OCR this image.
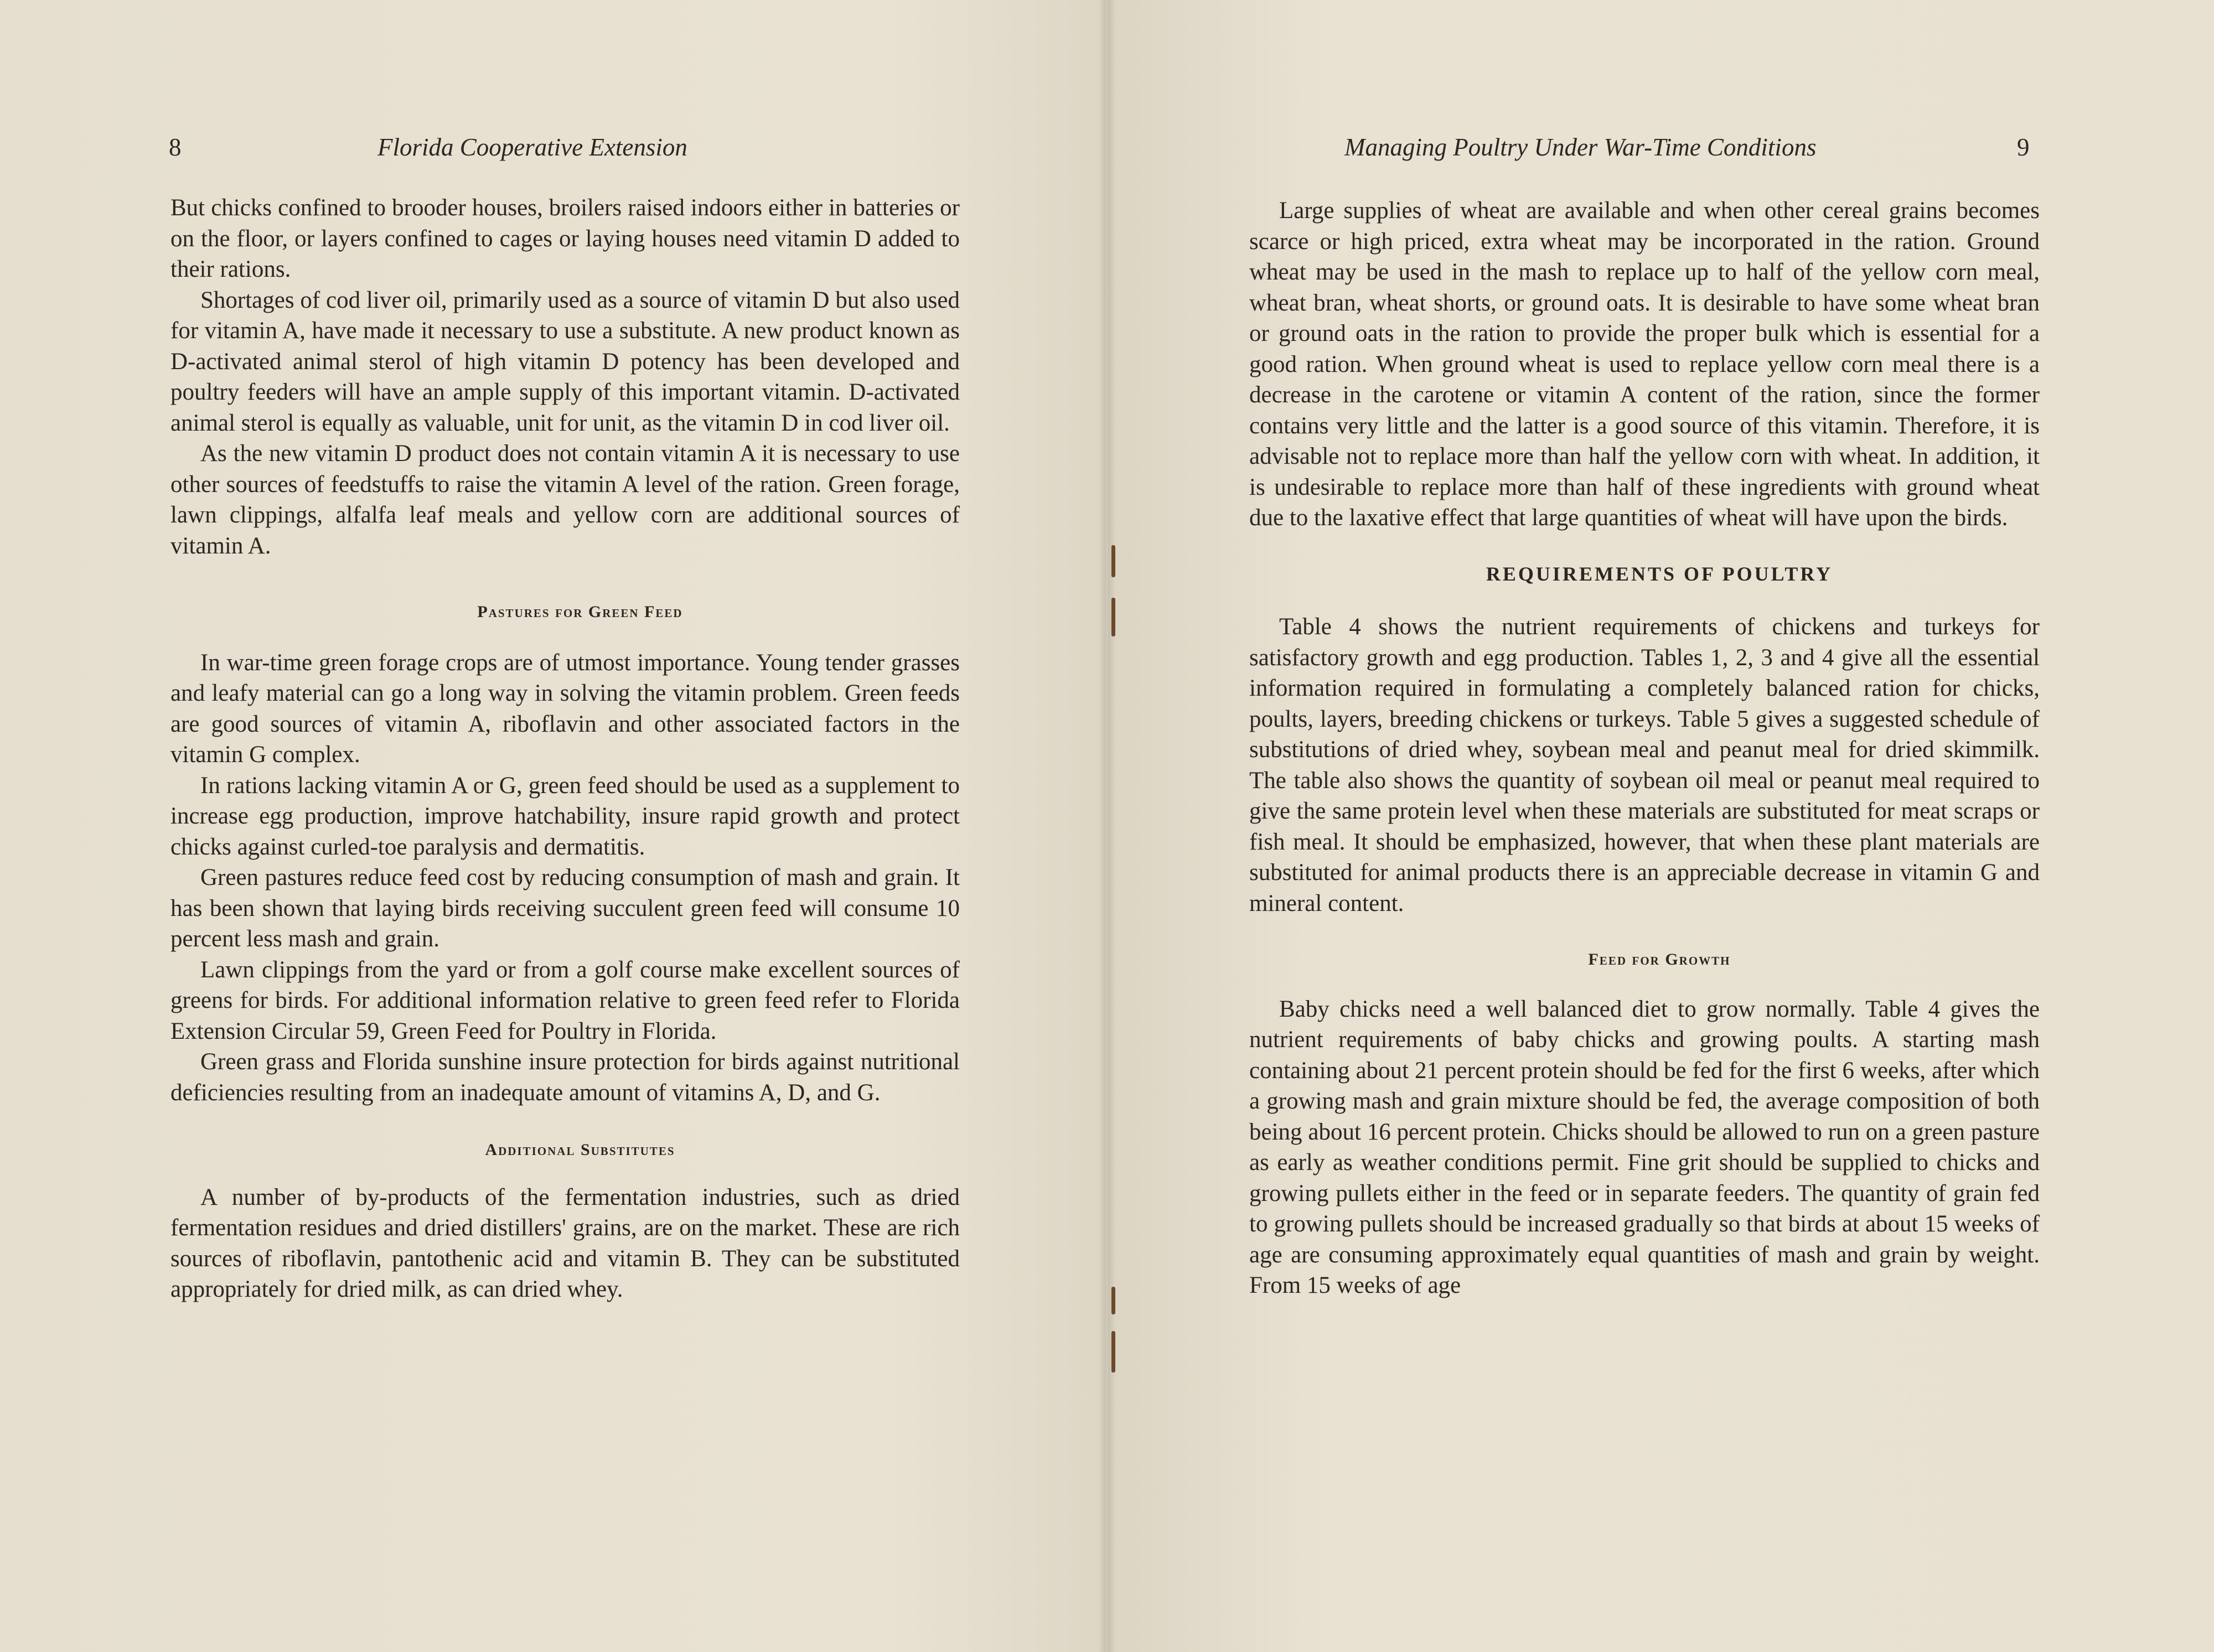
8	Florida Cooperative Extension

But chicks confined to brooder houses, broilers raised indoors either in batteries or on the floor, or layers confined to cages or laying houses need vitamin D added to their rations.

Shortages of cod liver oil, primarily used as a source of vitamin D but also used for vitamin A, have made it necessary to use a substitute. A new product known as D-activated animal sterol of high vitamin D potency has been developed and poultry feeders will have an ample supply of this important vitamin. D-activated animal sterol is equally as valuable, unit for unit, as the vitamin D in cod liver oil.

As the new vitamin D product does not contain vitamin A it is necessary to use other sources of feedstuffs to raise the vitamin A level of the ration. Green forage, lawn clippings, alfalfa leaf meals and yellow corn are additional sources of vitamin A.

Pastures for Green Feed

In war-time green forage crops are of utmost importance. Young tender grasses and leafy material can go a long way in solving the vitamin problem. Green feeds are good sources of vitamin A, riboflavin and other associated factors in the vitamin G complex.

In rations lacking vitamin A or G, green feed should be used as a supplement to increase egg production, improve hatchability, insure rapid growth and protect chicks against curled-toe paralysis and dermatitis.

Green pastures reduce feed cost by reducing consumption of mash and grain. It has been shown that laying birds receiving succulent green feed will consume 10 percent less mash and grain.

Lawn clippings from the yard or from a golf course make excellent sources of greens for birds. For additional information relative to green feed refer to Florida Extension Circular 59, Green Feed for Poultry in Florida.

Green grass and Florida sunshine insure protection for birds against nutritional deficiencies resulting from an inadequate amount of vitamins A, D, and G.

Additional Substitutes

A number of by-products of the fermentation industries, such as dried fermentation residues and dried distillers' grains, are on the market. These are rich sources of riboflavin, pantothenic acid and vitamin B. They can be substituted appropriately for dried milk, as can dried whey.

Managing Poultry Under War-Time Conditions	9

Large supplies of wheat are available and when other cereal grains becomes scarce or high priced, extra wheat may be incorporated in the ration. Ground wheat may be used in the mash to replace up to half of the yellow corn meal, wheat bran, wheat shorts, or ground oats. It is desirable to have some wheat bran or ground oats in the ration to provide the proper bulk which is essential for a good ration. When ground wheat is used to replace yellow corn meal there is a decrease in the carotene or vitamin A content of the ration, since the former contains very little and the latter is a good source of this vitamin. Therefore, it is advisable not to replace more than half the yellow corn with wheat. In addition, it is undesirable to replace more than half of these ingredients with ground wheat due to the laxative effect that large quantities of wheat will have upon the birds.

REQUIREMENTS OF POULTRY

Table 4 shows the nutrient requirements of chickens and turkeys for satisfactory growth and egg production. Tables 1, 2, 3 and 4 give all the essential information required in formulating a completely balanced ration for chicks, poults, layers, breeding chickens or turkeys. Table 5 gives a suggested schedule of substitutions of dried whey, soybean meal and peanut meal for dried skimmilk. The table also shows the quantity of soybean oil meal or peanut meal required to give the same protein level when these materials are substituted for meat scraps or fish meal. It should be emphasized, however, that when these plant materials are substituted for animal products there is an appreciable decrease in vitamin G and mineral content.

Feed for Growth

Baby chicks need a well balanced diet to grow normally. Table 4 gives the nutrient requirements of baby chicks and growing poults. A starting mash containing about 21 percent protein should be fed for the first 6 weeks, after which a growing mash and grain mixture should be fed, the average composition of both being about 16 percent protein. Chicks should be allowed to run on a green pasture as early as weather conditions permit. Fine grit should be supplied to chicks and growing pullets either in the feed or in separate feeders. The quantity of grain fed to growing pullets should be increased gradually so that birds at about 15 weeks of age are consuming approximately equal quantities of mash and grain by weight. From 15 weeks of age
